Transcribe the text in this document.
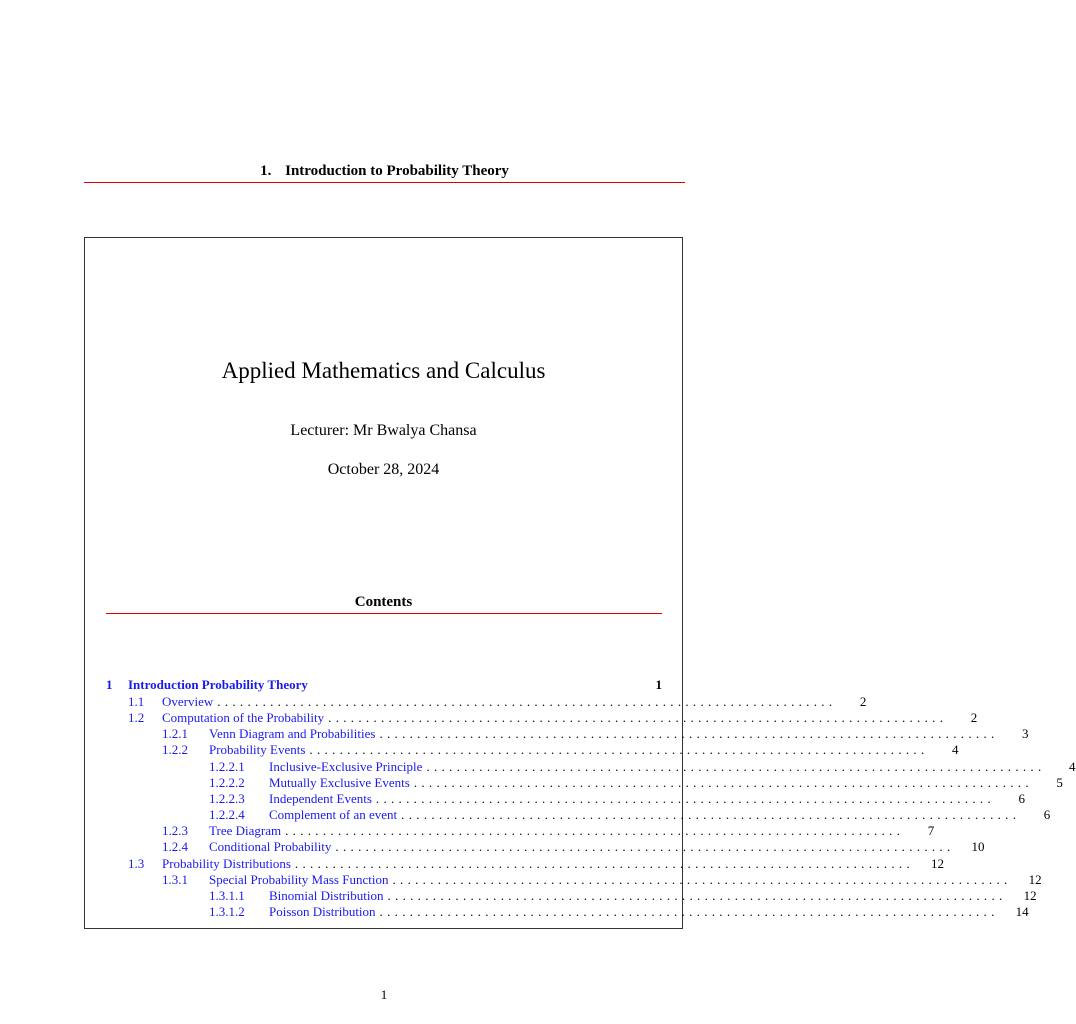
1. Introduction to Probability Theory
Applied Mathematics and Calculus
Lecturer: Mr Bwalya Chansa
October 28, 2024
Contents
1	Introduction Probability Theory	1
1.1	Overview ..................................................................................	2
1.2	Computation of the Probability ..................................................................................	2
1.2.1	Venn Diagram and Probabilities ..................................................................................	3
1.2.2	Probability Events ..................................................................................	4
1.2.2.1	Inclusive-Exclusive Principle ..................................................................................	4
1.2.2.2	Mutually Exclusive Events ..................................................................................	5
1.2.2.3	Independent Events ..................................................................................	6
1.2.2.4	Complement of an event ..................................................................................	6
1.2.3	Tree Diagram ..................................................................................	7
1.2.4	Conditional Probability ..................................................................................	10
1.3	Probability Distributions ..................................................................................	12
1.3.1	Special Probability Mass Function ..................................................................................	12
1.3.1.1	Binomial Distribution ..................................................................................	12
1.3.1.2	Poisson Distribution ..................................................................................	14
1
